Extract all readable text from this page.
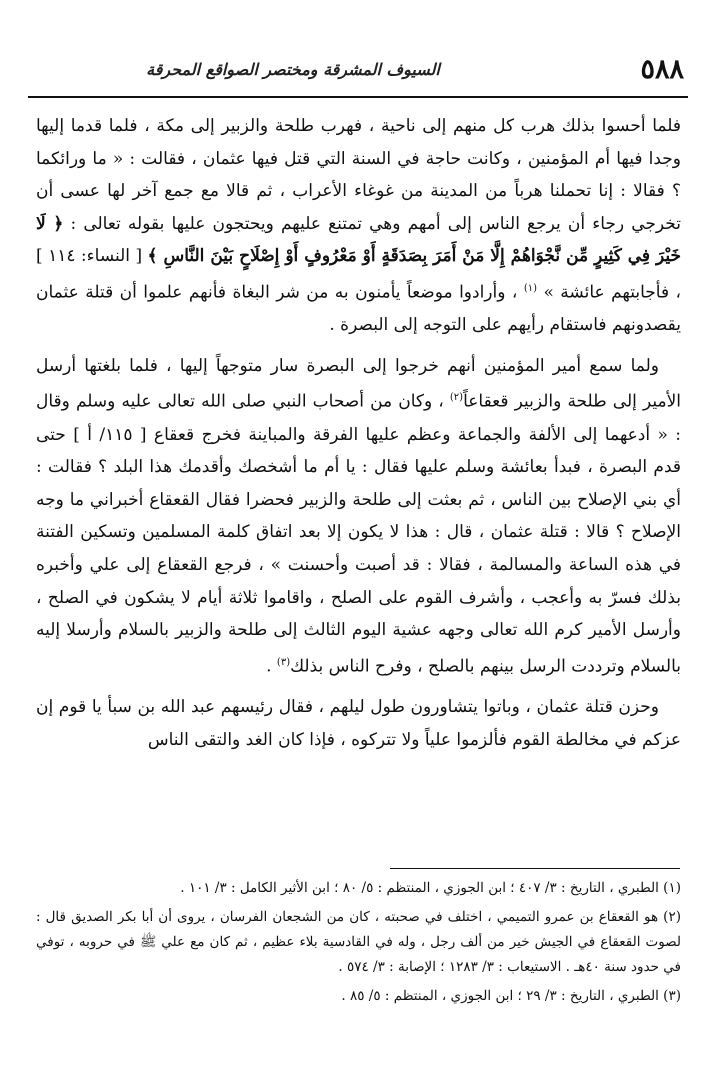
٥٨٨
السيوف المشرقة ومختصر الصواقع المحرقة

فلما أحسوا بذلك هرب كل منهم إلى ناحية ، فهرب طلحة والزبير إلى مكة ، فلما قدما إليها وجدا فيها أم المؤمنين ، وكانت حاجة في السنة التي قتل فيها عثمان ، فقالت : « ما ورائكما ؟ فقالا : إنا تحملنا هرباً من المدينة من غوغاء الأعراب ، ثم قالا مع جمع آخر لها عسى أن تخرجي رجاء أن يرجع الناس إلى أمهم وهي تمتنع عليهم ويحتجون عليها بقوله تعالى : ﴿ لَا خَيْرَ فِي كَثِيرٍ مِّن نَّجْوَاهُمْ إِلَّا مَنْ أَمَرَ بِصَدَقَةٍ أَوْ مَعْرُوفٍ أَوْ إِصْلَاحٍ بَيْنَ النَّاسِ ﴾ [ النساء: ١١٤ ] ، فأجابتهم عائشة » $^{(١)}$ ، وأرادوا موضعاً يأمنون به من شر البغاة فأنهم علموا أن قتلة عثمان يقصدونهم فاستقام رأيهم على التوجه إلى البصرة .

ولما سمع أمير المؤمنين أنهم خرجوا إلى البصرة سار متوجهاً إليها ، فلما بلغتها أرسل الأمير إلى طلحة والزبير قعقاعاً$^{(٢)}$ ، وكان من أصحاب النبي صلى الله تعالى عليه وسلم وقال : « أدعهما إلى الألفة والجماعة وعظم عليها الفرقة والمباينة فخرج قعقاع [ ١١٥/ أ ] حتى قدم البصرة ، فبدأ بعائشة وسلم عليها فقال : يا أم ما أشخصك وأقدمك هذا البلد ؟ فقالت : أي بني الإصلاح بين الناس ، ثم بعثت إلى طلحة والزبير فحضرا فقال القعقاع أخبراني ما وجه الإصلاح ؟ قالا : قتلة عثمان ، قال : هذا لا يكون إلا بعد اتفاق كلمة المسلمين وتسكين الفتنة في هذه الساعة والمسالمة ، فقالا : قد أصبت وأحسنت » ، فرجع القعقاع إلى علي وأخبره بذلك فسرّ به وأعجب ، وأشرف القوم على الصلح ، واقاموا ثلاثة أيام لا يشكون في الصلح ، وأرسل الأمير كرم الله تعالى وجهه عشية اليوم الثالث إلى طلحة والزبير بالسلام وأرسلا إليه بالسلام وترددت الرسل بينهم بالصلح ، وفرح الناس بذلك$^{(٣)}$ .

وحزن قتلة عثمان ، وباتوا يتشاورون طول ليلهم ، فقال رئيسهم عبد الله بن سبأ يا قوم إن عزكم في مخالطة القوم فألزموا علياً ولا تتركوه ، فإذا كان الغد والتقى الناس

(١) الطبري ، التاريخ : ٣/ ٤٠٧ ؛ ابن الجوزي ، المنتظم : ٥/ ٨٠ ؛ ابن الأثير الكامل : ٣/ ١٠١ .

(٢) هو القعقاع بن عمرو التميمي ، اختلف في صحبته ، كان من الشجعان الفرسان ، يروى أن أبا بكر الصديق قال : لصوت القعقاع في الجيش خير من ألف رجل ، وله في القادسية بلاء عظيم ، ثم كان مع علي ﷺ في حروبه ، توفي في حدود سنة ٤٠هـ . الاستيعاب : ٣/ ١٢٨٣ ؛ الإصابة : ٣/ ٥٧٤ .

(٣) الطبري ، التاريخ : ٣/ ٢٩ ؛ ابن الجوزي ، المنتظم : ٥/ ٨٥ .
